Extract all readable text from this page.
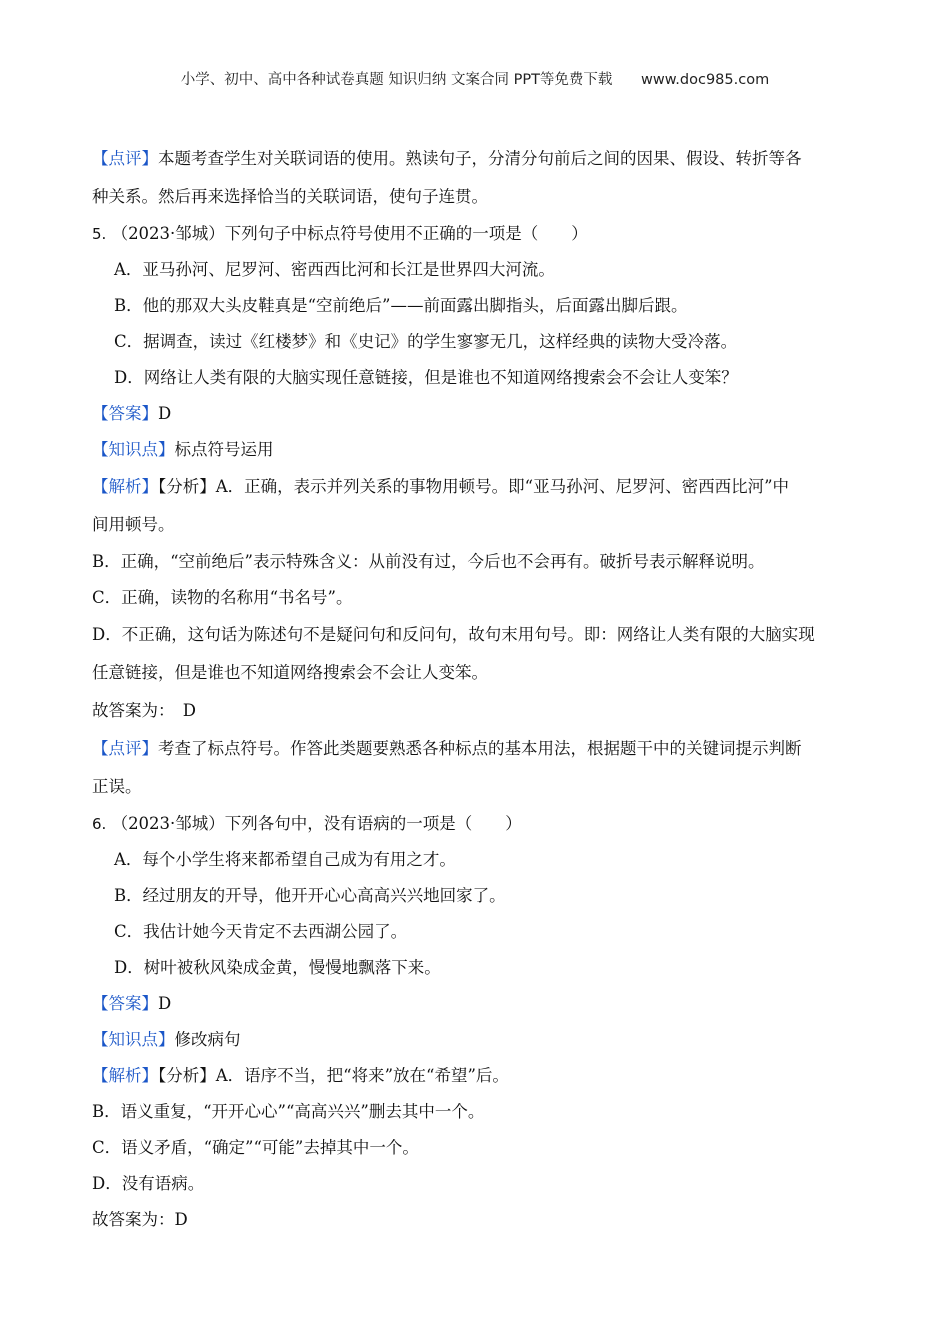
小学、初中、高中各种试卷真题 知识归纳 文案合同 PPT等免费下载 www.doc985.com
【点评】本题考查学生对关联词语的使用。熟读句子，分清分句前后之间的因果、假设、转折等各
种关系。然后再来选择恰当的关联词语，使句子连贯。
5. （2023·邹城）下列句子中标点符号使用不正确的一项是（　　）
A．亚马孙河、尼罗河、密西西比河和长江是世界四大河流。
B．他的那双大头皮鞋真是“空前绝后”——前面露出脚指头，后面露出脚后跟。
C．据调查，读过《红楼梦》和《史记》的学生寥寥无几，这样经典的读物大受冷落。
D．网络让人类有限的大脑实现任意链接，但是谁也不知道网络搜索会不会让人变笨？
【答案】D
【知识点】标点符号运用
【解析】【分析】A．正确，表示并列关系的事物用顿号。即“亚马孙河、尼罗河、密西西比河”中
间用顿号。
B．正确，“空前绝后”表示特殊含义：从前没有过，今后也不会再有。破折号表示解释说明。
C．正确，读物的名称用“书名号”。
D．不正确，这句话为陈述句不是疑问句和反问句，故句末用句号。即：网络让人类有限的大脑实现
任意链接，但是谁也不知道网络搜索会不会让人变笨。
故答案为：　D
【点评】考查了标点符号。作答此类题要熟悉各种标点的基本用法，根据题干中的关键词提示判断
正误。
6. （2023·邹城）下列各句中，没有语病的一项是（　　）
A．每个小学生将来都希望自己成为有用之才。
B．经过朋友的开导，他开开心心高高兴兴地回家了。
C．我估计她今天肯定不去西湖公园了。
D．树叶被秋风染成金黄，慢慢地飘落下来。
【答案】D
【知识点】修改病句
【解析】【分析】A．语序不当，把“将来”放在“希望”后。
B．语义重复，“开开心心”“高高兴兴”删去其中一个。
C．语义矛盾，“确定”“可能”去掉其中一个。
D．没有语病。
故答案为：D
